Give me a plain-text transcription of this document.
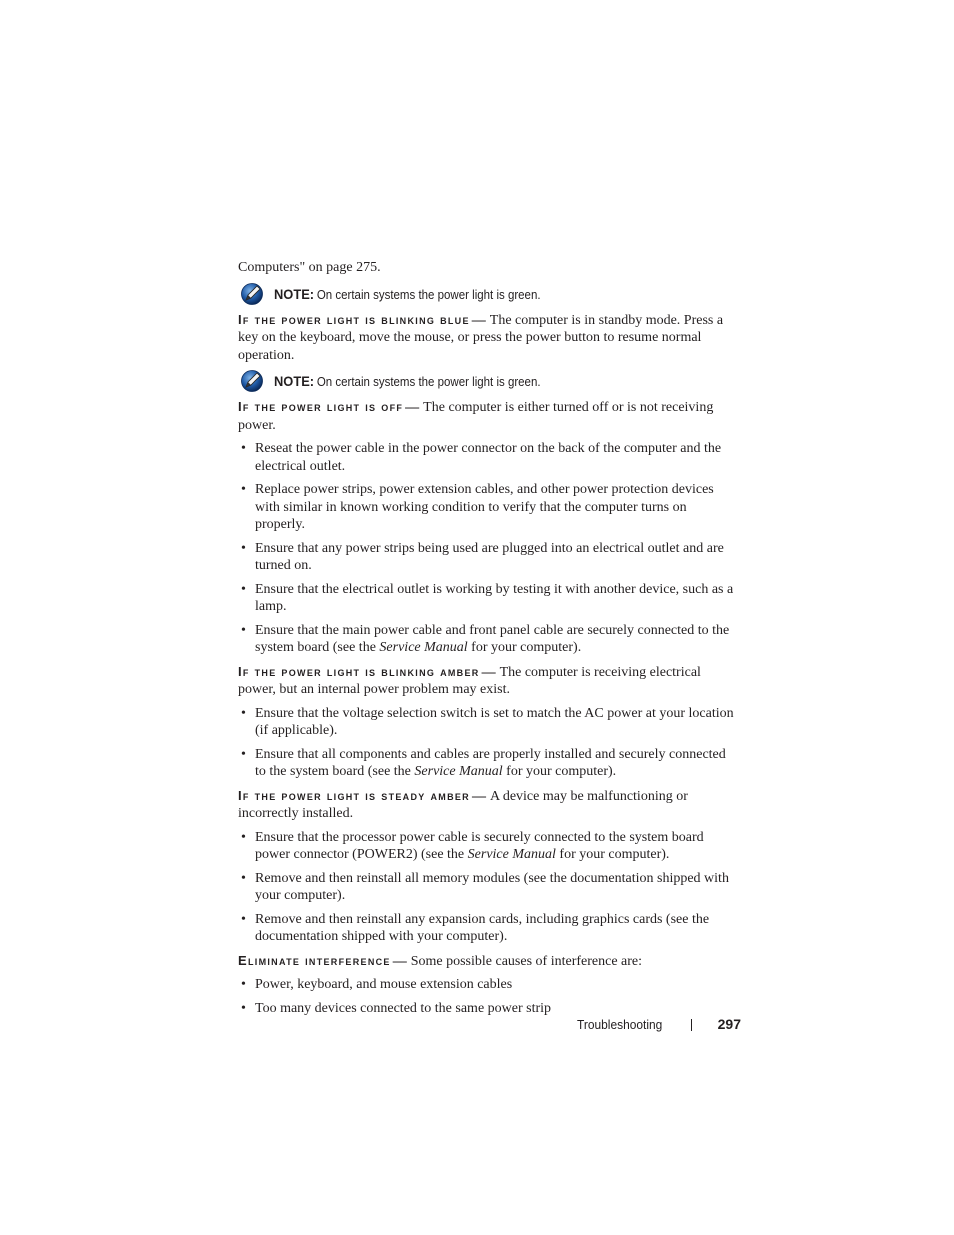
Computers" on page 275.

NOTE: On certain systems the power light is green.

If the power light is blinking blue — The computer is in standby mode. Press a key on the keyboard, move the mouse, or press the power button to resume normal operation.

NOTE: On certain systems the power light is green.

If the power light is off — The computer is either turned off or is not receiving power.

• Reseat the power cable in the power connector on the back of the computer and the electrical outlet.
• Replace power strips, power extension cables, and other power protection devices with similar in known working condition to verify that the computer turns on properly.
• Ensure that any power strips being used are plugged into an electrical outlet and are turned on.
• Ensure that the electrical outlet is working by testing it with another device, such as a lamp.
• Ensure that the main power cable and front panel cable are securely connected to the system board (see the Service Manual for your computer).

If the power light is blinking amber — The computer is receiving electrical power, but an internal power problem may exist.

• Ensure that the voltage selection switch is set to match the AC power at your location (if applicable).
• Ensure that all components and cables are properly installed and securely connected to the system board (see the Service Manual for your computer).

If the power light is steady amber — A device may be malfunctioning or incorrectly installed.

• Ensure that the processor power cable is securely connected to the system board power connector (POWER2) (see the Service Manual for your computer).
• Remove and then reinstall all memory modules (see the documentation shipped with your computer).
• Remove and then reinstall any expansion cards, including graphics cards (see the documentation shipped with your computer).

Eliminate interference — Some possible causes of interference are:

• Power, keyboard, and mouse extension cables
• Too many devices connected to the same power strip
Troubleshooting	297
